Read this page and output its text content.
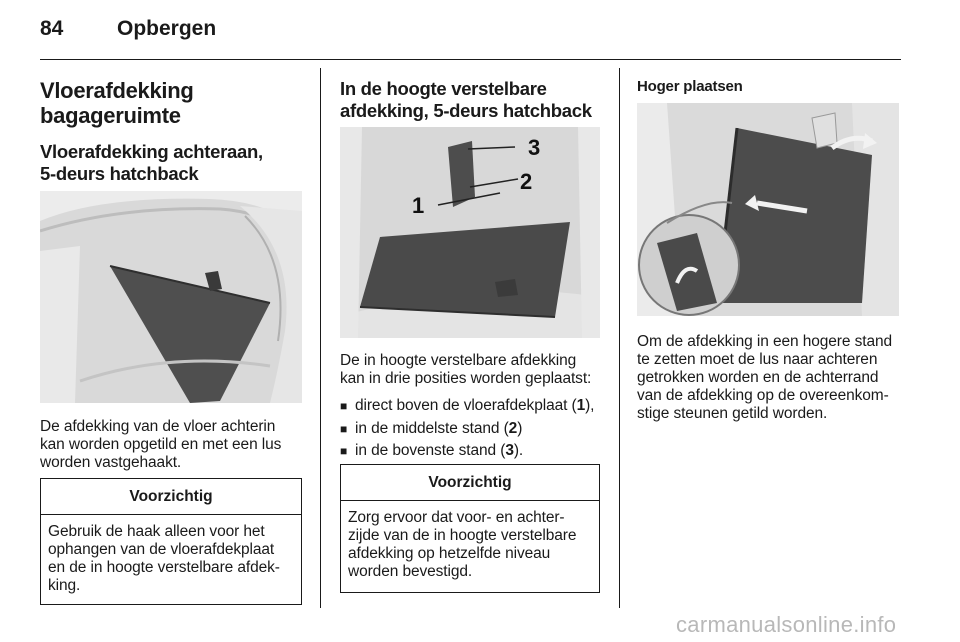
84	Opbergen
Vloerafdekking
bagageruimte
Vloerafdekking achteraan,
5-deurs hatchback
De afdekking van de vloer achterin
kan worden opgetild en met een lus
worden vastgehaakt.
Voorzichtig
Gebruik de haak alleen voor het
ophangen van de vloerafdekplaat
en de in hoogte verstelbare afdek-
king.
In de hoogte verstelbare
afdekking, 5-deurs hatchback
3
2
1
De in hoogte verstelbare afdekking
kan in drie posities worden geplaatst:
■ direct boven de vloerafdekplaat (1),
■ in de middelste stand (2)
■ in de bovenste stand (3).
Voorzichtig
Zorg ervoor dat voor- en achter-
zijde van de in hoogte verstelbare
afdekking op hetzelfde niveau
worden bevestigd.
Hoger plaatsen
Om de afdekking in een hogere stand
te zetten moet de lus naar achteren
getrokken worden en de achterrand
van de afdekking op de overeenkom-
stige steunen getild worden.
carmanualsonline.info
